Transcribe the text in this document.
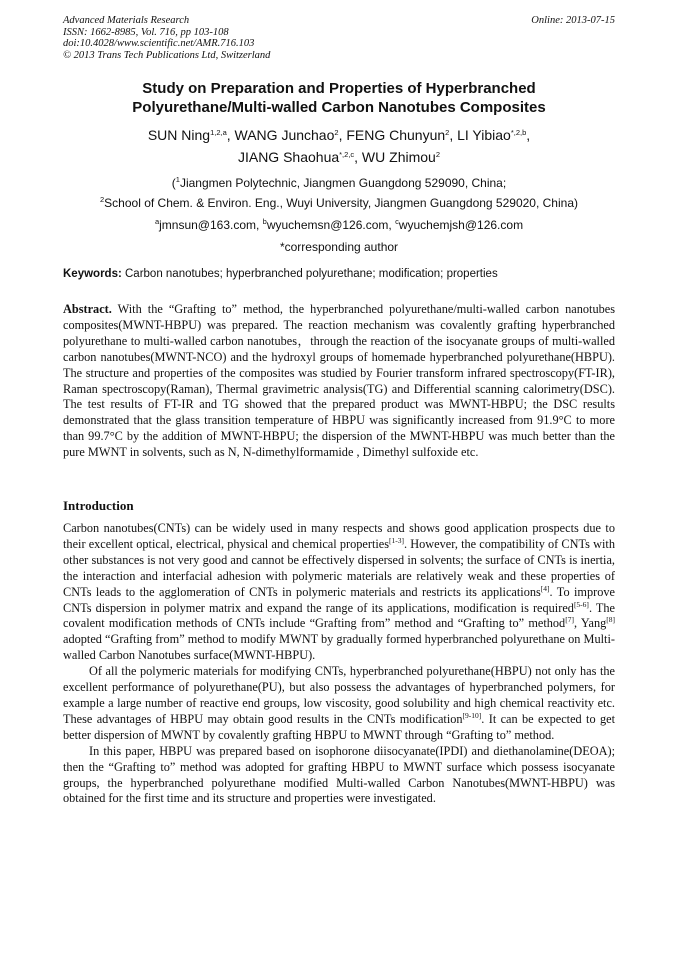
Advanced Materials Research
ISSN: 1662-8985, Vol. 716, pp 103-108
doi:10.4028/www.scientific.net/AMR.716.103
© 2013 Trans Tech Publications Ltd, Switzerland
Online: 2013-07-15
Study on Preparation and Properties of Hyperbranched
Polyurethane/Multi-walled Carbon Nanotubes Composites
SUN Ning$^{1,2,a}$, WANG Junchao$^2$, FENG Chunyun$^2$, LI Yibiao$^{*,2,b}$,
JIANG Shaohua$^{*,2,c}$, WU Zhimou$^2$
($^1$Jiangmen Polytechnic, Jiangmen Guangdong 529090, China;
$^2$School of Chem. & Environ. Eng., Wuyi University, Jiangmen Guangdong 529020, China)
$^a$jmnsun@163.com, $^b$wyuchemsn@126.com, $^c$wyuchemjsh@126.com
*corresponding author
Keywords: Carbon nanotubes; hyperbranched polyurethane; modification; properties
Abstract. With the “Grafting to” method, the hyperbranched polyurethane/multi-walled carbon nanotubes composites(MWNT-HBPU) was prepared. The reaction mechanism was covalently grafting hyperbranched polyurethane to multi-walled carbon nanotubes，through the reaction of the isocyanate groups of multi-walled carbon nanotubes(MWNT-NCO) and the hydroxyl groups of homemade hyperbranched polyurethane(HBPU). The structure and properties of the composites was studied by Fourier transform infrared spectroscopy(FT-IR), Raman spectroscopy(Raman), Thermal gravimetric analysis(TG) and Differential scanning calorimetry(DSC). The test results of FT-IR and TG showed that the prepared product was MWNT-HBPU; the DSC results demonstrated that the glass transition temperature of HBPU was significantly increased from 91.9°C to more than 99.7°C by the addition of MWNT-HBPU; the dispersion of the MWNT-HBPU was much better than the pure MWNT in solvents, such as N, N-dimethylformamide , Dimethyl sulfoxide etc.
Introduction

Carbon nanotubes(CNTs) can be widely used in many respects and shows good application prospects due to their excellent optical, electrical, physical and chemical properties[1-3]. However, the compatibility of CNTs with other substances is not very good and cannot be effectively dispersed in solvents; the surface of CNTs is inertia, the interaction and interfacial adhesion with polymeric materials are relatively weak and these properties of CNTs leads to the agglomeration of CNTs in polymeric materials and restricts its applications[4]. To improve CNTs dispersion in polymer matrix and expand the range of its applications, modification is required[5-6]. The covalent modification methods of CNTs include “Grafting from” method and “Grafting to” method[7], Yang[8] adopted “Grafting from” method to modify MWNT by gradually formed hyperbranched polyurethane on Multi-walled Carbon Nanotubes surface(MWNT-HBPU).

Of all the polymeric materials for modifying CNTs, hyperbranched polyurethane(HBPU) not only has the excellent performance of polyurethane(PU), but also possess the advantages of hyperbranched polymers, for example a large number of reactive end groups, low viscosity, good solubility and high chemical reactivity etc. These advantages of HBPU may obtain good results in the CNTs modification[9-10]. It can be expected to get better dispersion of MWNT by covalently grafting HBPU to MWNT through “Grafting to” method.

In this paper, HBPU was prepared based on isophorone diisocyanate(IPDI) and diethanolamine(DEOA); then the “Grafting to” method was adopted for grafting HBPU to MWNT surface which possess isocyanate groups, the hyperbranched polyurethane modified Multi-walled Carbon Nanotubes(MWNT-HBPU) was obtained for the first time and its structure and properties were investigated.
